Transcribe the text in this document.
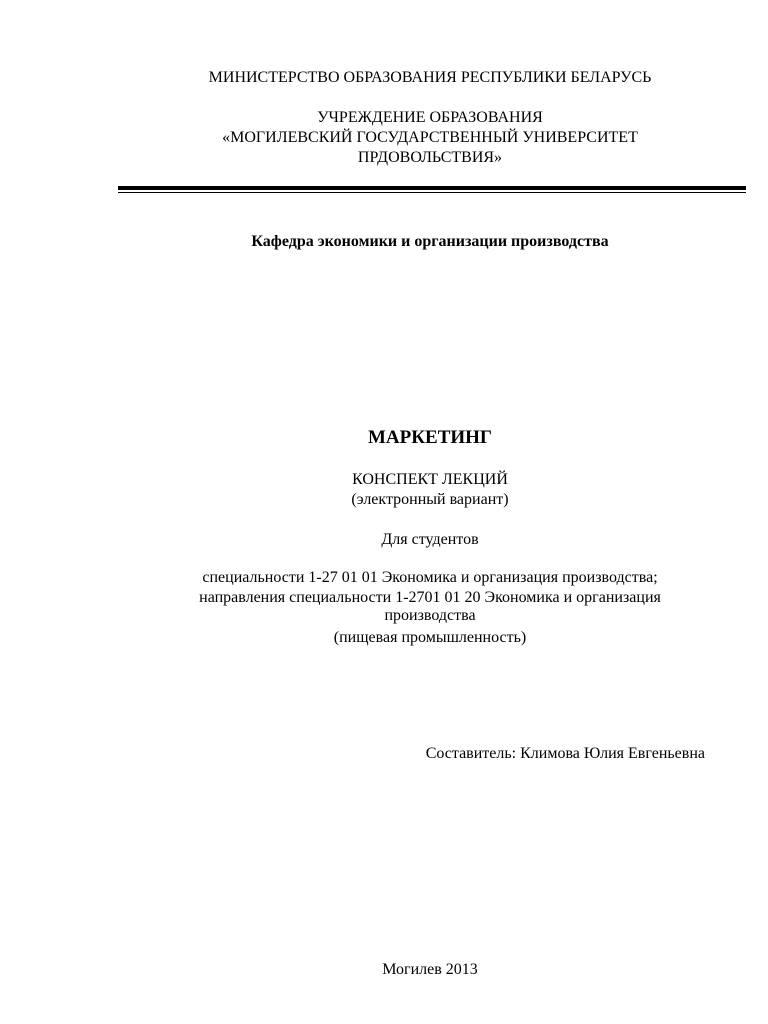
МИНИСТЕРСТВО ОБРАЗОВАНИЯ РЕСПУБЛИКИ БЕЛАРУСЬ
УЧРЕЖДЕНИЕ ОБРАЗОВАНИЯ
«МОГИЛЕВСКИЙ ГОСУДАРСТВЕННЫЙ УНИВЕРСИТЕТ
ПРДОВОЛЬСТВИЯ»
Кафедра экономики и организации производства
МАРКЕТИНГ
КОНСПЕКТ ЛЕКЦИЙ
(электронный вариант)
Для студентов
специальности 1-27 01 01 Экономика и организация производства;
направления специальности 1-2701 01 20 Экономика и организация
производства
(пищевая промышленность)
Составитель: Климова Юлия Евгеньевна
Могилев 2013
